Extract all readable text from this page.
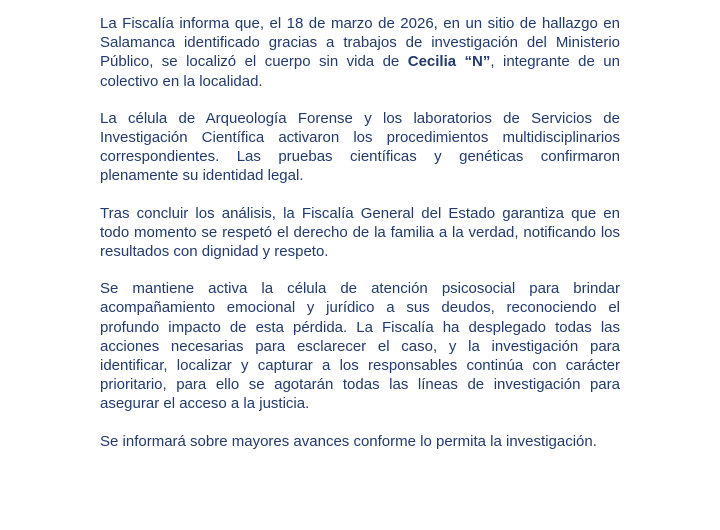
La Fiscalía informa que, el 18 de marzo de 2026, en un sitio de hallazgo en Salamanca identificado gracias a trabajos de investigación del Ministerio Público, se localizó el cuerpo sin vida de Cecilia “N”, integrante de un colectivo en la localidad.

La célula de Arqueología Forense y los laboratorios de Servicios de Investigación Científica activaron los procedimientos multidisciplinarios correspondientes. Las pruebas científicas y genéticas confirmaron plenamente su identidad legal.

Tras concluir los análisis, la Fiscalía General del Estado garantiza que en todo momento se respetó el derecho de la familia a la verdad, notificando los resultados con dignidad y respeto.

Se mantiene activa la célula de atención psicosocial para brindar acompañamiento emocional y jurídico a sus deudos, reconociendo el profundo impacto de esta pérdida. La Fiscalía ha desplegado todas las acciones necesarias para esclarecer el caso, y la investigación para identificar, localizar y capturar a los responsables continúa con carácter prioritario, para ello se agotarán todas las líneas de investigación para asegurar el acceso a la justicia.

Se informará sobre mayores avances conforme lo permita la investigación.
